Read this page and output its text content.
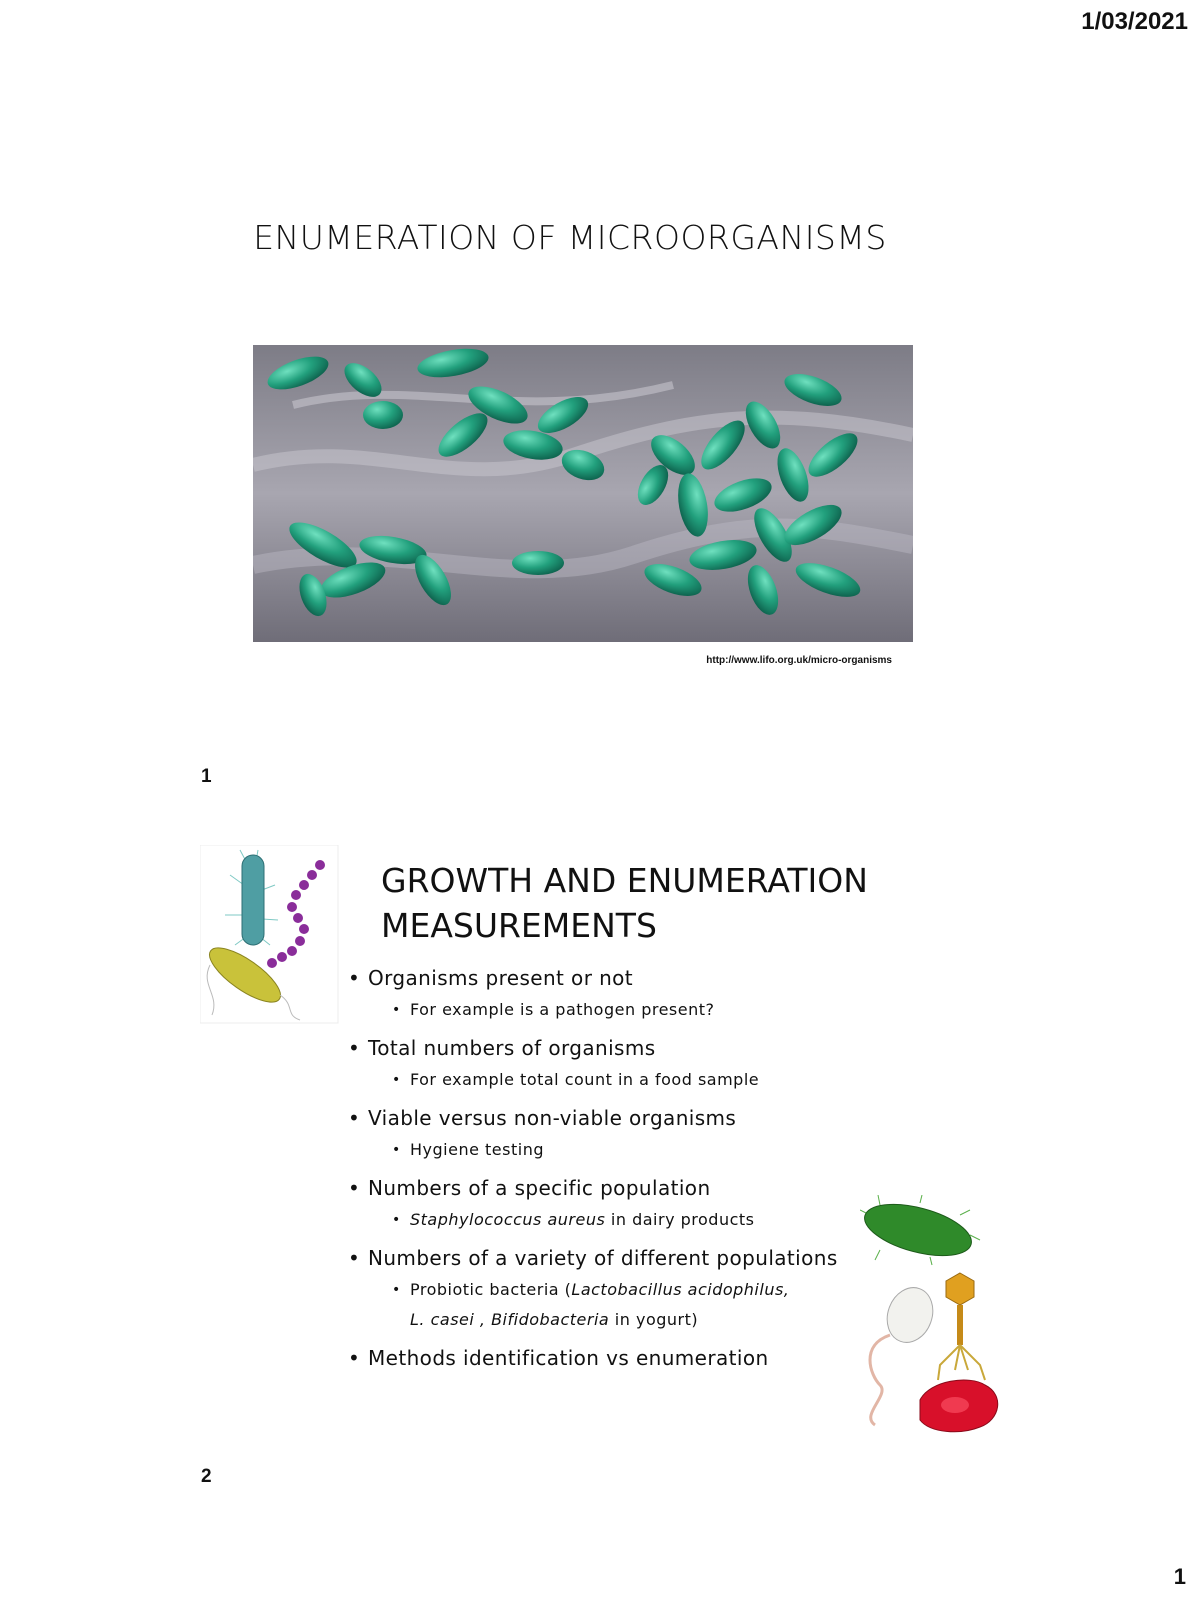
1/03/2021
ENUMERATION OF MICROORGANISMS
http://www.lifo.org.uk/micro-organisms
1
GROWTH AND ENUMERATION
MEASUREMENTS
• Organisms present or not
• For example is a pathogen present?
• Total numbers of organisms
• For example total count in a food sample
• Viable versus non-viable organisms
• Hygiene testing
• Numbers of a specific population
• Staphylococcus aureus in dairy products
• Numbers of a variety of different populations
• Probiotic bacteria (Lactobacillus acidophilus,
L. casei , Bifidobacteria in yogurt)
• Methods identification vs enumeration
2
1
